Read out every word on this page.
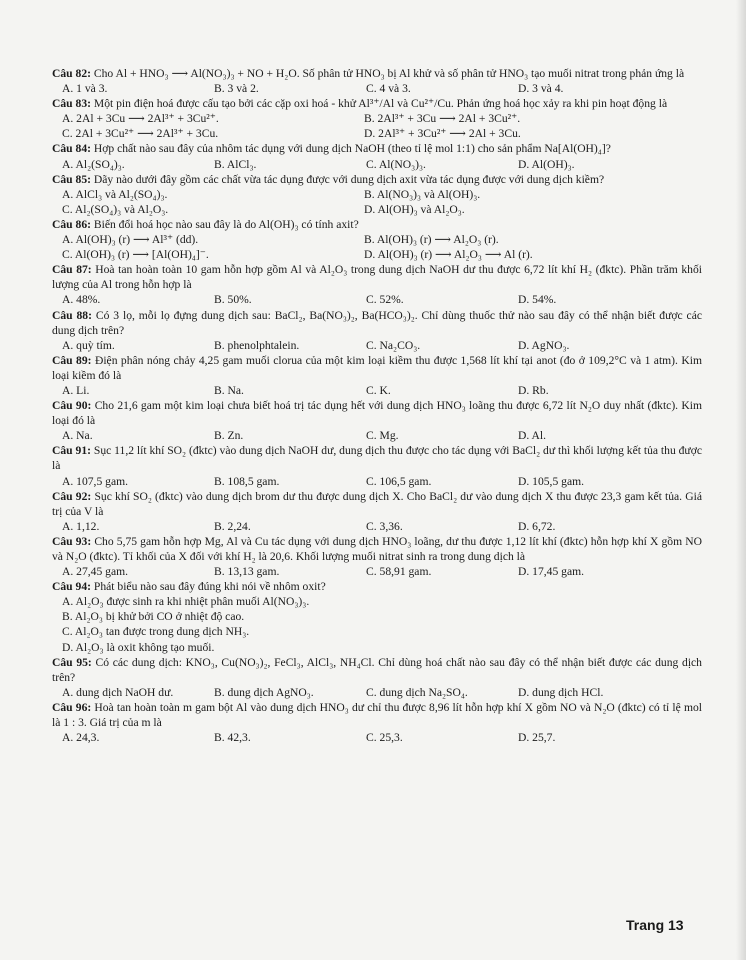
Câu 82: Cho Al + HNO₃ ⟶ Al(NO₃)₃ + NO + H₂O. Số phân tử HNO₃ bị Al khử và số phân tử HNO₃ tạo muối nitrat trong phản ứng là
A. 1 và 3.	B. 3 và 2.	C. 4 và 3.	D. 3 và 4.
Câu 83: Một pin điện hoá được cấu tạo bởi các cặp oxi hoá - khử Al³⁺/Al và Cu²⁺/Cu. Phản ứng hoá học xảy ra khi pin hoạt động là
A. 2Al + 3Cu ⟶ 2Al³⁺ + 3Cu²⁺.	B. 2Al³⁺ + 3Cu ⟶ 2Al + 3Cu²⁺.
C. 2Al + 3Cu²⁺ ⟶ 2Al³⁺ + 3Cu.	D. 2Al³⁺ + 3Cu²⁺ ⟶ 2Al + 3Cu.
Câu 84: Hợp chất nào sau đây của nhôm tác dụng với dung dịch NaOH (theo tỉ lệ mol 1:1) cho sản phẩm Na[Al(OH)₄]?
A. Al₂(SO₄)₃.	B. AlCl₃.	C. Al(NO₃)₃.	D. Al(OH)₃.
Câu 85: Dãy nào dưới đây gồm các chất vừa tác dụng được với dung dịch axit vừa tác dụng được với dung dịch kiềm?
A. AlCl₃ và Al₂(SO₄)₃.	B. Al(NO₃)₃ và Al(OH)₃.
C. Al₂(SO₄)₃ và Al₂O₃.	D. Al(OH)₃ và Al₂O₃.
Câu 86: Biến đổi hoá học nào sau đây là do Al(OH)₃ có tính axit?
A. Al(OH)₃ (r) ⟶ Al³⁺ (dd).	B. Al(OH)₃ (r) ⟶ Al₂O₃ (r).
C. Al(OH)₃ (r) ⟶ [Al(OH)₄]⁻.	D. Al(OH)₃ (r) ⟶ Al₂O₃ ⟶ Al (r).
Câu 87: Hoà tan hoàn toàn 10 gam hỗn hợp gồm Al và Al₂O₃ trong dung dịch NaOH dư thu được 6,72 lít khí H₂ (đktc). Phần trăm khối lượng của Al trong hỗn hợp là
A. 48%.	B. 50%.	C. 52%.	D. 54%.
Câu 88: Có 3 lọ, mỗi lọ đựng dung dịch sau: BaCl₂, Ba(NO₃)₂, Ba(HCO₃)₂. Chỉ dùng thuốc thử nào sau đây có thể nhận biết được các dung dịch trên?
A. quỳ tím.	B. phenolphtalein.	C. Na₂CO₃.	D. AgNO₃.
Câu 89: Điện phân nóng chảy 4,25 gam muối clorua của một kim loại kiềm thu được 1,568 lít khí tại anot (đo ở 109,2°C và 1 atm). Kim loại kiềm đó là
A. Li.	B. Na.	C. K.	D. Rb.
Câu 90: Cho 21,6 gam một kim loại chưa biết hoá trị tác dụng hết với dung dịch HNO₃ loãng thu được 6,72 lít N₂O duy nhất (đktc). Kim loại đó là
A. Na.	B. Zn.	C. Mg.	D. Al.
Câu 91: Sục 11,2 lít khí SO₂ (đktc) vào dung dịch NaOH dư, dung dịch thu được cho tác dụng với BaCl₂ dư thì khối lượng kết tủa thu được là
A. 107,5 gam.	B. 108,5 gam.	C. 106,5 gam.	D. 105,5 gam.
Câu 92: Sục khí SO₂ (đktc) vào dung dịch brom dư thu được dung dịch X. Cho BaCl₂ dư vào dung dịch X thu được 23,3 gam kết tủa. Giá trị của V là
A. 1,12.	B. 2,24.	C. 3,36.	D. 6,72.
Câu 93: Cho 5,75 gam hỗn hợp Mg, Al và Cu tác dụng với dung dịch HNO₃ loãng, dư thu được 1,12 lít khí (đktc) hỗn hợp khí X gồm NO và N₂O (đktc). Tỉ khối của X đối với khí H₂ là 20,6. Khối lượng muối nitrat sinh ra trong dung dịch là
A. 27,45 gam.	B. 13,13 gam.	C. 58,91 gam.	D. 17,45 gam.
Câu 94: Phát biểu nào sau đây đúng khi nói về nhôm oxit?
A. Al₂O₃ được sinh ra khi nhiệt phân muối Al(NO₃)₃.
B. Al₂O₃ bị khử bởi CO ở nhiệt độ cao.
C. Al₂O₃ tan được trong dung dịch NH₃.
D. Al₂O₃ là oxit không tạo muối.
Câu 95: Có các dung dịch: KNO₃, Cu(NO₃)₂, FeCl₃, AlCl₃, NH₄Cl. Chỉ dùng hoá chất nào sau đây có thể nhận biết được các dung dịch trên?
A. dung dịch NaOH dư.	B. dung dịch AgNO₃.	C. dung dịch Na₂SO₄.	D. dung dịch HCl.
Câu 96: Hoà tan hoàn toàn m gam bột Al vào dung dịch HNO₃ dư chỉ thu được 8,96 lít hỗn hợp khí X gồm NO và N₂O (đktc) có tỉ lệ mol là 1 : 3. Giá trị của m là
A. 24,3.	B. 42,3.	C. 25,3.	D. 25,7.
Trang 13
